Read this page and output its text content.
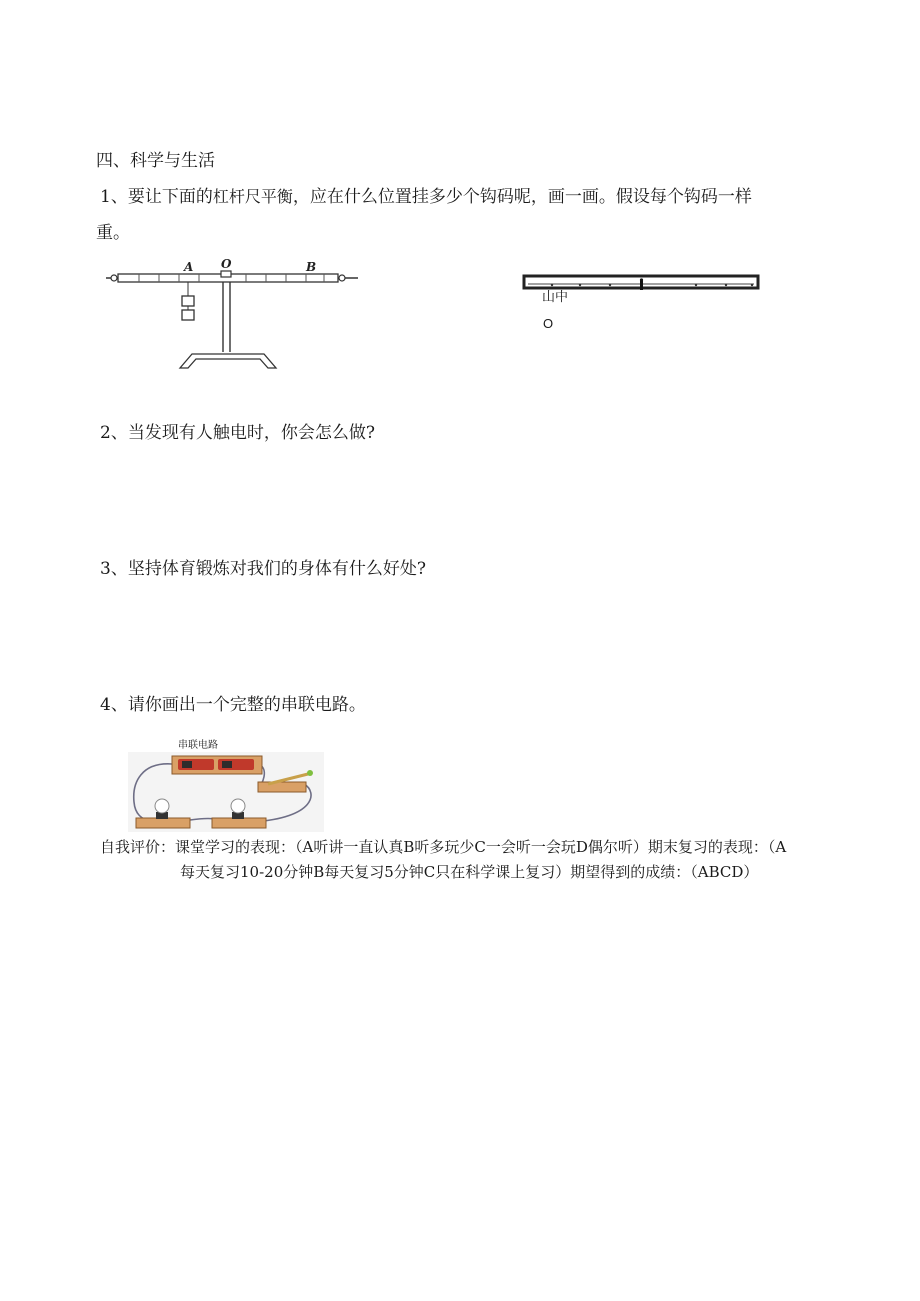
四、科学与生活
1、要让下面的杠杆尺平衡，应在什么位置挂多少个钩码呢，画一画。假设每个钩码一样
重。
A O	B
山中
O
2、当发现有人触电时，你会怎么做?
3、坚持体育锻炼对我们的身体有什么好处?
4、请你画出一个完整的串联电路。
串联电路
自我评价：课堂学习的表现：（A听讲一直认真B听多玩少C一会听一会玩D偶尔听）期末复习的表现：（A
每天复习10-20分钟B每天复习5分钟C只在科学课上复习）期望得到的成绩：（ABCD）
